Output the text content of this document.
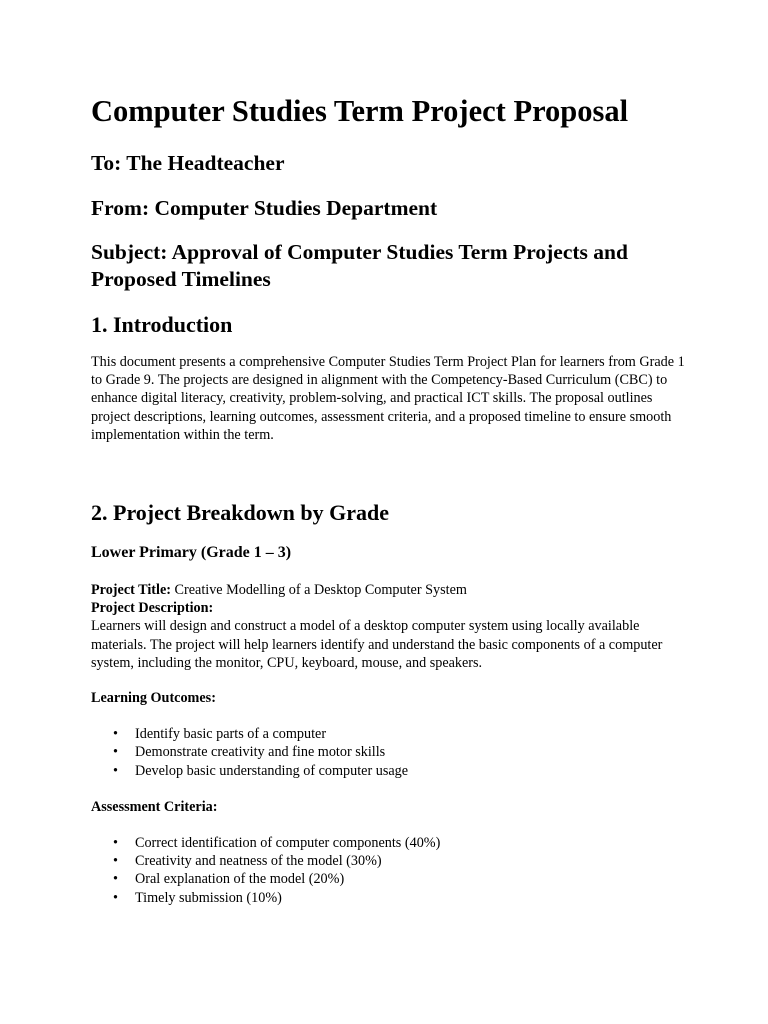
Computer Studies Term Project Proposal
To: The Headteacher
From: Computer Studies Department
Subject: Approval of Computer Studies Term Projects and Proposed Timelines
1. Introduction

This document presents a comprehensive Computer Studies Term Project Plan for learners from Grade 1 to Grade 9. The projects are designed in alignment with the Competency-Based Curriculum (CBC) to enhance digital literacy, creativity, problem-solving, and practical ICT skills. The proposal outlines project descriptions, learning outcomes, assessment criteria, and a proposed timeline to ensure smooth implementation within the term.

2. Project Breakdown by Grade
Lower Primary (Grade 1 – 3)

Project Title: Creative Modelling of a Desktop Computer System

Project Description:

Learners will design and construct a model of a desktop computer system using locally available materials. The project will help learners identify and understand the basic components of a computer system, including the monitor, CPU, keyboard, mouse, and speakers.

Learning Outcomes:

• Identify basic parts of a computer
• Demonstrate creativity and fine motor skills
• Develop basic understanding of computer usage

Assessment Criteria:

• Correct identification of computer components (40%)
• Creativity and neatness of the model (30%)
• Oral explanation of the model (20%)
• Timely submission (10%)
